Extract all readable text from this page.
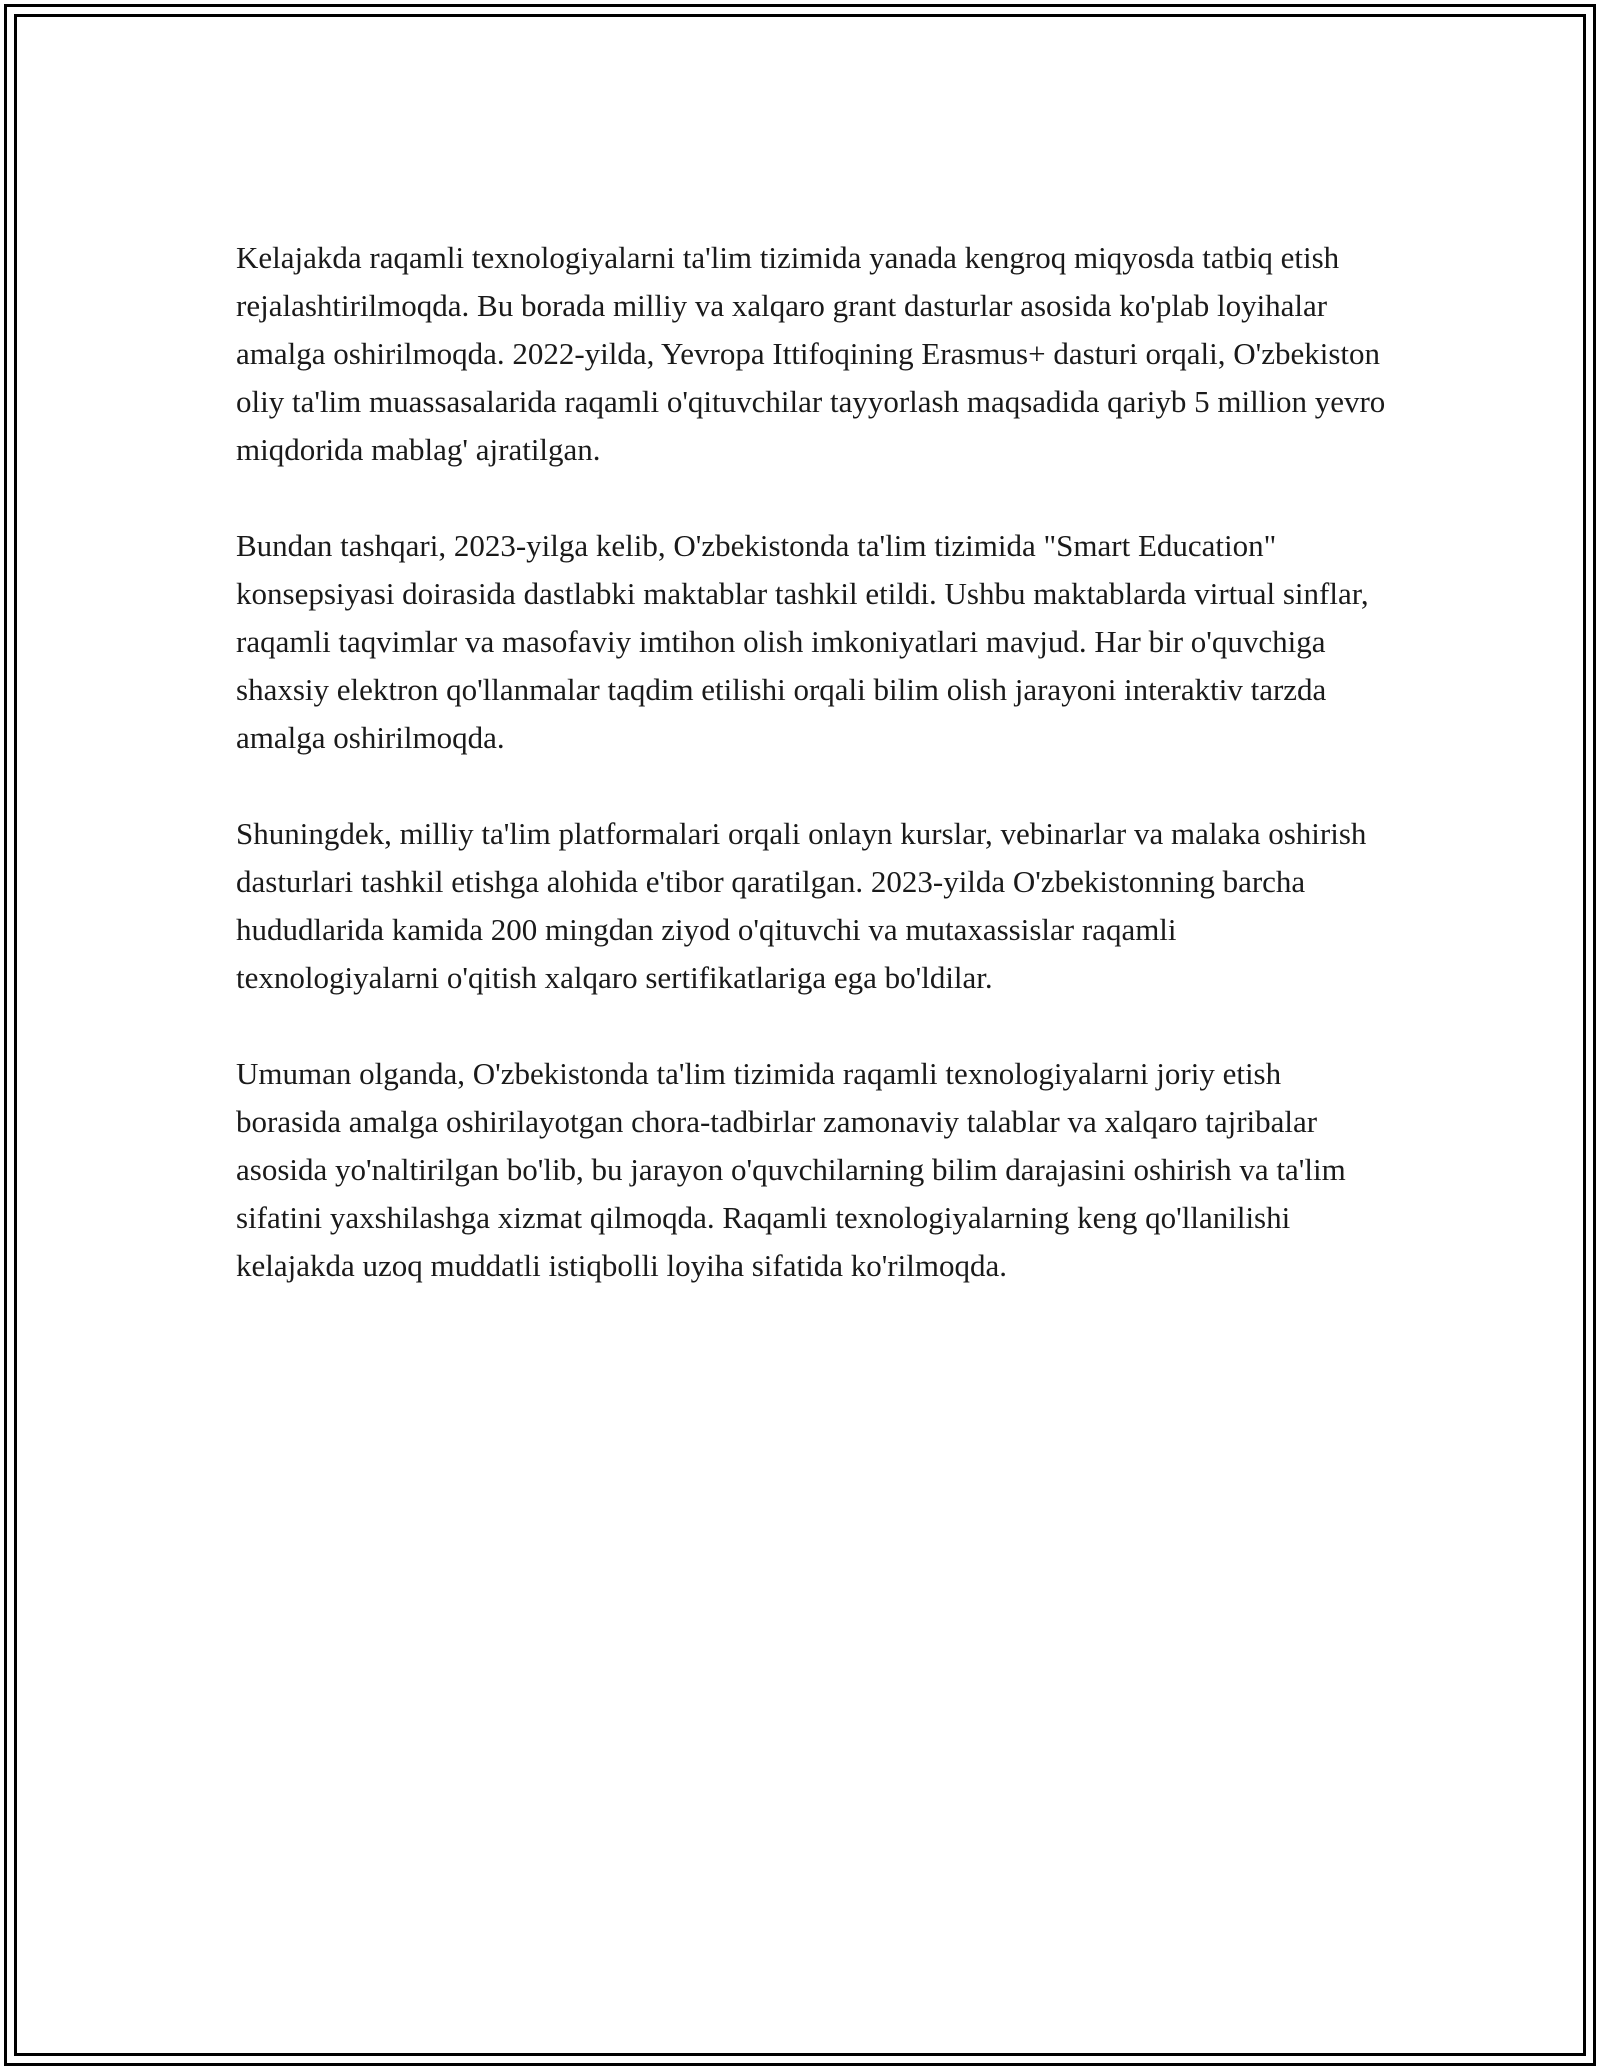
Kelajakda raqamli texnologiyalarni ta'lim tizimida yanada kengroq miqyosda tatbiq etish rejalashtirilmoqda. Bu borada milliy va xalqaro grant dasturlar asosida ko'plab loyihalar amalga oshirilmoqda. 2022-yilda, Yevropa Ittifoqining Erasmus+ dasturi orqali, O'zbekiston oliy ta'lim muassasalarida raqamli o'qituvchilar tayyorlash maqsadida qariyb 5 million yevro miqdorida mablag' ajratilgan.

Bundan tashqari, 2023-yilga kelib, O'zbekistonda ta'lim tizimida "Smart Education" konsepsiyasi doirasida dastlabki maktablar tashkil etildi. Ushbu maktablarda virtual sinflar, raqamli taqvimlar va masofaviy imtihon olish imkoniyatlari mavjud. Har bir o'quvchiga shaxsiy elektron qo'llanmalar taqdim etilishi orqali bilim olish jarayoni interaktiv tarzda amalga oshirilmoqda.

Shuningdek, milliy ta'lim platformalari orqali onlayn kurslar, vebinarlar va malaka oshirish dasturlari tashkil etishga alohida e'tibor qaratilgan. 2023-yilda O'zbekistonning barcha hududlarida kamida 200 mingdan ziyod o'qituvchi va mutaxassislar raqamli texnologiyalarni o'qitish xalqaro sertifikatlariga ega bo'ldilar.

Umuman olganda, O'zbekistonda ta'lim tizimida raqamli texnologiyalarni joriy etish borasida amalga oshirilayotgan chora-tadbirlar zamonaviy talablar va xalqaro tajribalar asosida yo'naltirilgan bo'lib, bu jarayon o'quvchilarning bilim darajasini oshirish va ta'lim sifatini yaxshilashga xizmat qilmoqda. Raqamli texnologiyalarning keng qo'llanilishi kelajakda uzoq muddatli istiqbolli loyiha sifatida ko'rilmoqda.
